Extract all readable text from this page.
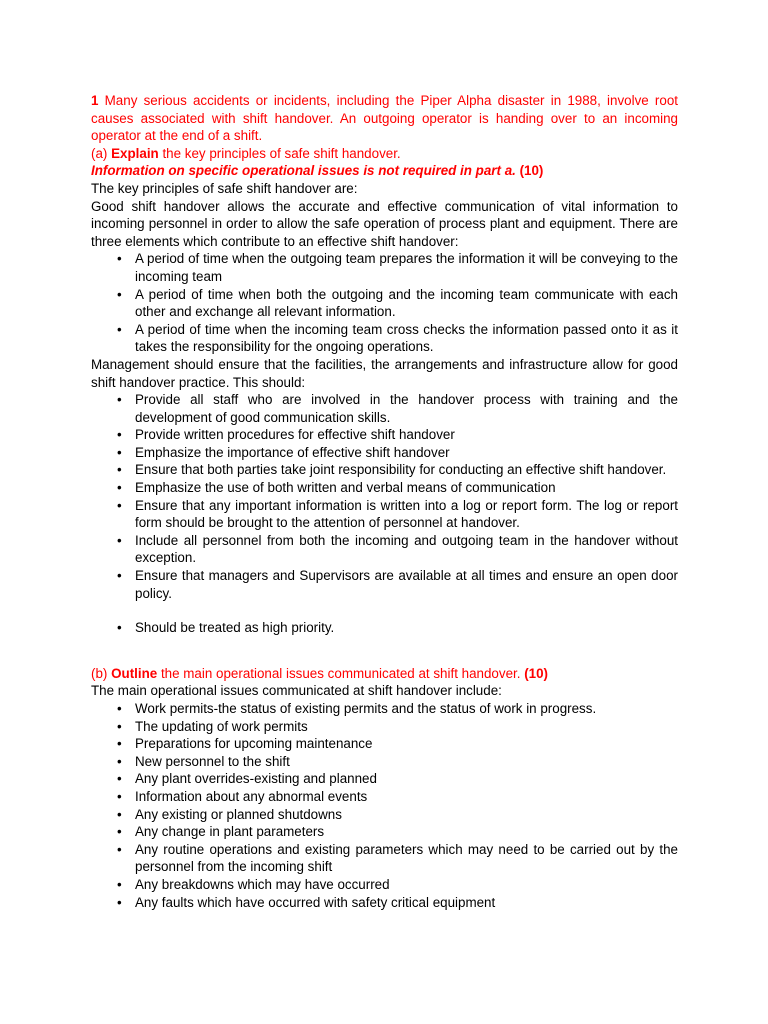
1 Many serious accidents or incidents, including the Piper Alpha disaster in 1988, involve root causes associated with shift handover. An outgoing operator is handing over to an incoming operator at the end of a shift.
(a) Explain the key principles of safe shift handover.
Information on specific operational issues is not required in part a. (10)
The key principles of safe shift handover are:
Good shift handover allows the accurate and effective communication of vital information to incoming personnel in order to allow the safe operation of process plant and equipment. There are three elements which contribute to an effective shift handover:
• A period of time when the outgoing team prepares the information it will be conveying to the incoming team
• A period of time when both the outgoing and the incoming team communicate with each other and exchange all relevant information.
• A period of time when the incoming team cross checks the information passed onto it as it takes the responsibility for the ongoing operations.
Management should ensure that the facilities, the arrangements and infrastructure allow for good shift handover practice. This should:
• Provide all staff who are involved in the handover process with training and the development of good communication skills.
• Provide written procedures for effective shift handover
• Emphasize the importance of effective shift handover
• Ensure that both parties take joint responsibility for conducting an effective shift handover.
• Emphasize the use of both written and verbal means of communication
• Ensure that any important information is written into a log or report form. The log or report form should be brought to the attention of personnel at handover.
• Include all personnel from both the incoming and outgoing team in the handover without exception.
• Ensure that managers and Supervisors are available at all times and ensure an open door policy.
• Should be treated as high priority.
(b) Outline the main operational issues communicated at shift handover. (10)
The main operational issues communicated at shift handover include:
• Work permits-the status of existing permits and the status of work in progress.
• The updating of work permits
• Preparations for upcoming maintenance
• New personnel to the shift
• Any plant overrides-existing and planned
• Information about any abnormal events
• Any existing or planned shutdowns
• Any change in plant parameters
• Any routine operations and existing parameters which may need to be carried out by the personnel from the incoming shift
• Any breakdowns which may have occurred
• Any faults which have occurred with safety critical equipment
